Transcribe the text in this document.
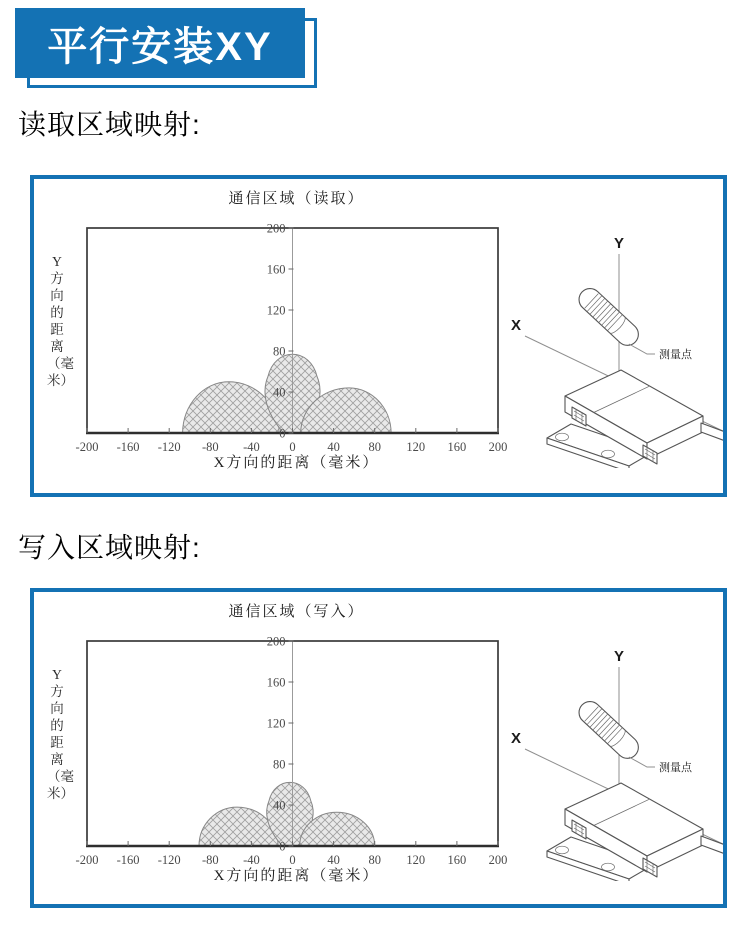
平行安装XY
读取区域映射:
通信区域（读取）
Y方向的距离（毫米）
0
40
80
120
160
200
-200 -160 -120 -80 -40 0	40 80 120 160 200
X方向的距离（毫米）
Y
X
测量点
写入区域映射:
通信区域（写入）
Y方向的距离（毫米）
0
40
80
120
160
200
-200 -160 -120 -80 -40 0	40 80 120 160 200
X方向的距离（毫米）
Y
X
测量点
